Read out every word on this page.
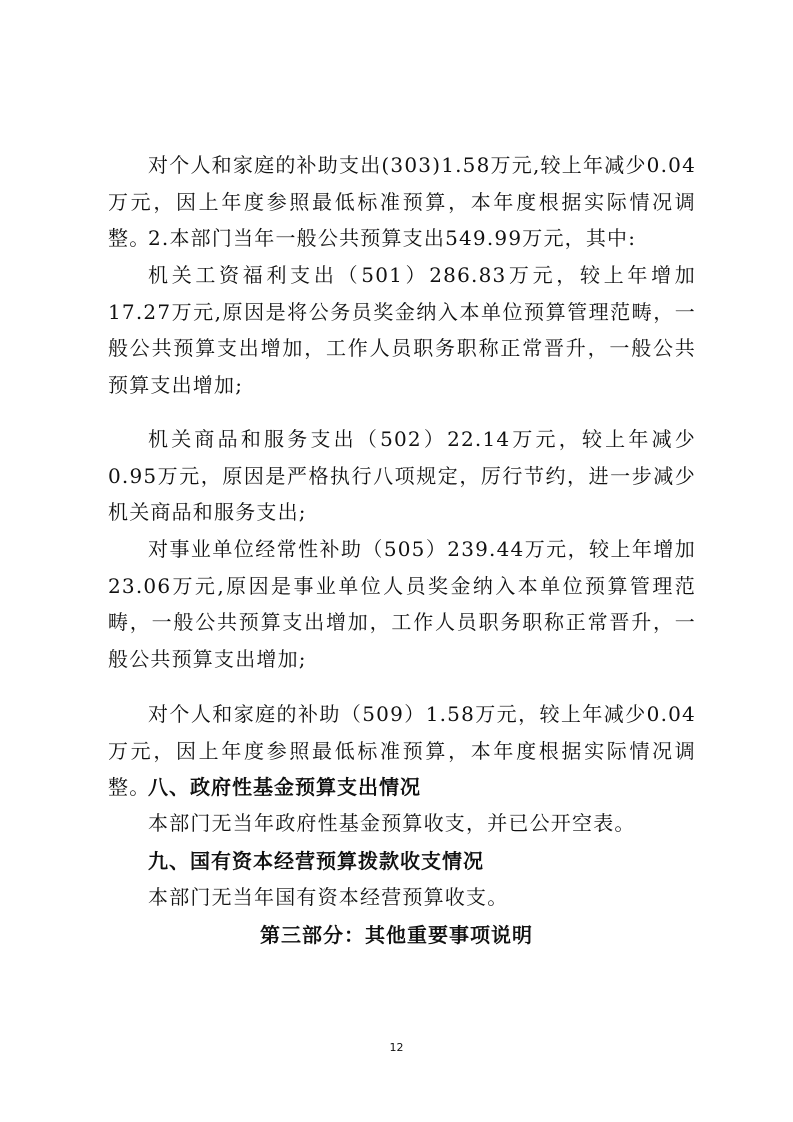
对个人和家庭的补助支出(303)1.58万元,较上年减少0.04万元，因上年度参照最低标准预算，本年度根据实际情况调整。

2.本部门当年一般公共预算支出549.99万元，其中:

机关工资福利支出（501）286.83万元，较上年增加17.27万元,原因是将公务员奖金纳入本单位预算管理范畴，一般公共预算支出增加，工作人员职务职称正常晋升，一般公共预算支出增加;

机关商品和服务支出（502）22.14万元，较上年减少0.95万元，原因是严格执行八项规定，厉行节约，进一步减少机关商品和服务支出;

对事业单位经常性补助（505）239.44万元，较上年增加23.06万元,原因是事业单位人员奖金纳入本单位预算管理范畴，一般公共预算支出增加，工作人员职务职称正常晋升，一般公共预算支出增加;

对个人和家庭的补助（509）1.58万元，较上年减少0.04万元，因上年度参照最低标准预算，本年度根据实际情况调整。

八、政府性基金预算支出情况

本部门无当年政府性基金预算收支，并已公开空表。

九、国有资本经营预算拨款收支情况

本部门无当年国有资本经营预算收支。

第三部分：其他重要事项说明
12
